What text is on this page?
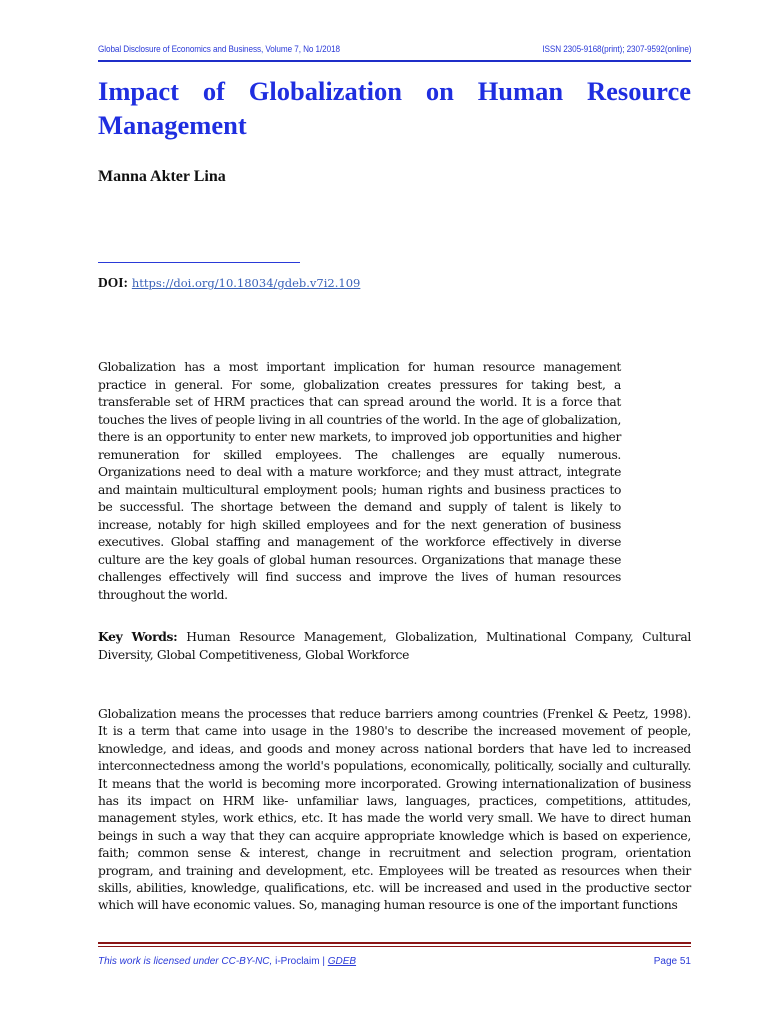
Global Disclosure of Economics and Business, Volume 7, No 1/2018	ISSN 2305-9168(print); 2307-9592(online)
Impact of Globalization on Human Resource Management

Manna Akter Lina

DOI: https://doi.org/10.18034/gdeb.v7i2.109

Globalization has a most important implication for human resource management practice in general. For some, globalization creates pressures for taking best, a transferable set of HRM practices that can spread around the world. It is a force that touches the lives of people living in all countries of the world. In the age of globalization, there is an opportunity to enter new markets, to improved job opportunities and higher remuneration for skilled employees. The challenges are equally numerous. Organizations need to deal with a mature workforce; and they must attract, integrate and maintain multicultural employment pools; human rights and business practices to be successful. The shortage between the demand and supply of talent is likely to increase, notably for high skilled employees and for the next generation of business executives. Global staffing and management of the workforce effectively in diverse culture are the key goals of global human resources. Organizations that manage these challenges effectively will find success and improve the lives of human resources throughout the world.

Key Words: Human Resource Management, Globalization, Multinational Company, Cultural Diversity, Global Competitiveness, Global Workforce

Globalization means the processes that reduce barriers among countries (Frenkel & Peetz, 1998). It is a term that came into usage in the 1980's to describe the increased movement of people, knowledge, and ideas, and goods and money across national borders that have led to increased interconnectedness among the world's populations, economically, politically, socially and culturally. It means that the world is becoming more incorporated. Growing internationalization of business has its impact on HRM like- unfamiliar laws, languages, practices, competitions, attitudes, management styles, work ethics, etc. It has made the world very small. We have to direct human beings in such a way that they can acquire appropriate knowledge which is based on experience, faith; common sense & interest, change in recruitment and selection program, orientation program, and training and development, etc. Employees will be treated as resources when their skills, abilities, knowledge, qualifications, etc. will be increased and used in the productive sector which will have economic values. So, managing human resource is one of the important functions

This work is licensed under CC-BY-NC, i-Proclaim | GDEB	Page 51
